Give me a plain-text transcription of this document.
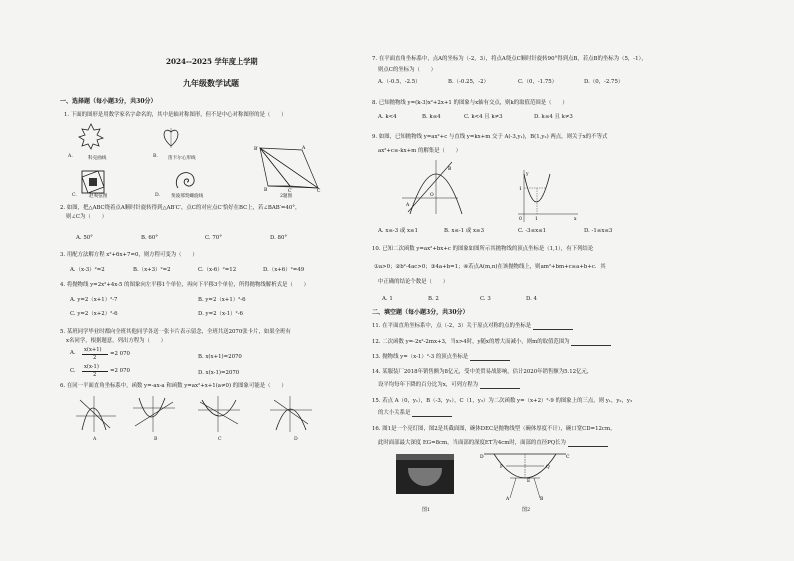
2024--2025 学年度上学期
九年级数学试题
一、选择题（每小题3分，共30分）
1. 下面的图形是用数学家名字命名的，其中是轴对称图形，但不是中心对称图形的是（　　）
A.	科克曲线	B. 笛卡尔心形线
C.	赵爽弦图	D. 斐波那契螺旋线
B′	A
B	C′	C
2题图
2. 如图，把△ABC绕着点A顺时针旋转得到△AB′C′，点C的对应点C′恰好在BC上，若∠BAB′=40°，
则∠C为（　　）
A. 50°	B. 60°	C. 70°	D. 80°
3. 用配方法解方程 x²+6x+7=0，则方程可变为（　　）
A.（x-3）²=2	B.（x+3）²=2	C.（x-6）²=12	D.（x+6）²=49
4. 将抛物线 y=2x²+4x-5 的图象向左平移1个单位，再向下平移3个单位，所得抛物线解析式是（　　）
A. y=2（x+1）²-7	B. y=2（x+1）²-6
C. y=2（x+2）²-6	D. y=2（x-1）²-6
5. 某班同学毕业时都向全班其他同学各送一张卡片表示留念，全班共送2070张卡片，如果全班有
x名同学，根据题意，列出方程为（　　）
A. x(x+1)
2
=2 070	B. x(x+1)=2070
C.
x(x-1)
2
=2 070	D. x(x-1)=2070
6. 在同一平面直角坐标系中，函数 y=-ax-a 和函数 y=ax²+x+1(a≠0) 的图象可能是（　　）
A	B	C	D
7. 在平面直角坐标系中，点A的坐标为（-2，3），将点A绕点C顺时针旋转90°得到点B，若点B的坐标为（5，-1），
则点C的坐标为（　　）
A.（-0.5，-2.5）	B.（-0.25，-2）	C.（0，-1.75）	D.（0，-2.75）
8. 已知抛物线 y=(k-3)x²+2x+1 的图象与x轴有交点，则k的取值范围是（　　）
A. k<4	B. k≤4	C. k<4 且 k≠3	D. k≤4 且 k≠3
9. 如图，已知抛物线 y=ax²+c 与直线 y=kx+m 交于 A(-3,y₁)，B(1,y₂) 两点，则关于x的不等式
ax²+c≥-kx+m 的解集是（　　）
O
B
A
1
0	1	x
y
A. x≤-3 或 x≥1	B. x≤-1 或 x≥3	C. -3≤x≤1	D. -1≤x≤3
10. 已知二次函数 y=ax²+bx+c 的图象如图所示其抛物线的顶点坐标是（1,1），有下列结论
①a>0；②b²-4ac>0；③4a+b=1；④若点A(m,n)在该抛物线上，则am²+bm+c≥a+b+c．其
中正确的结论个数是（　　）
A. 1	B. 2	C. 3	D. 4
二、填空题（每小题3分，共30分）
11. 在平面直角坐标系中，点（-2，3）关于原点对称的点的坐标是
12. 二次函数 y=-2x²-2mx+3，当x>4时，y随x的增大而减小，则m的取值范围为
13. 抛物线 y=（x-1）²-3 的顶点坐标是
14. 某服装厂2018年销售额为8亿元，受中美贸易战影响，估计2020年销售额为5.12亿元，
设平均每年下降的百分比为x，可列方程为
15. 若点 A（0，y₁），B（-3，y₂），C（1，y₃）为二次函数 y=（x+2）²-9 的图象上的三点，则 y₁，y₂，y₃
的大小关系是
16. 图1是一个亮灯图，图2是其截面图，碗体DEC是抛物线型（碗体厚度不计），碗口宽CD=12cm，
此时面部最大深度 EG=8cm，当面部的深度ET为4cm时，面部的直径PQ长为
图1
D	C
P	Q
E
A	B
图2
